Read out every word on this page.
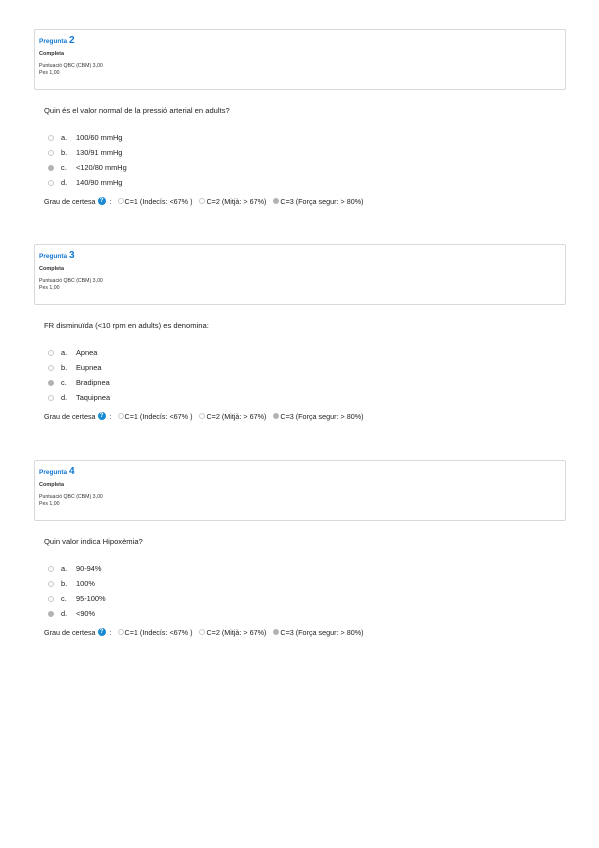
Pregunta 2
Completa
Puntuació QBC (CBM) 3,00
Pes 1,00
Quin és el valor normal de la pressió arterial en adults?
a.	100/60 mmHg
b.	130/91 mmHg
c.	<120/80 mmHg
d.	140/90 mmHg
Grau de certesa ? : C=1 (Indecís: <67% ) C=2 (Mitjà: > 67%) C=3 (Força segur: > 80%)
Pregunta 3
Completa
Puntuació QBC (CBM) 3,00
Pes 1,00
FR disminuïda (<10 rpm en adults) es denomina:
a.	Apnea
b.	Eupnea
c.	Bradipnea
d.	Taquipnea
Grau de certesa ? : C=1 (Indecís: <67% ) C=2 (Mitjà: > 67%) C=3 (Força segur: > 80%)
Pregunta 4
Completa
Puntuació QBC (CBM) 3,00
Pes 1,00
Quin valor indica Hipoxèmia?
a.	90-94%
b.	100%
c.	95-100%
d.	<90%
Grau de certesa ? : C=1 (Indecís: <67% ) C=2 (Mitjà: > 67%) C=3 (Força segur: > 80%)
